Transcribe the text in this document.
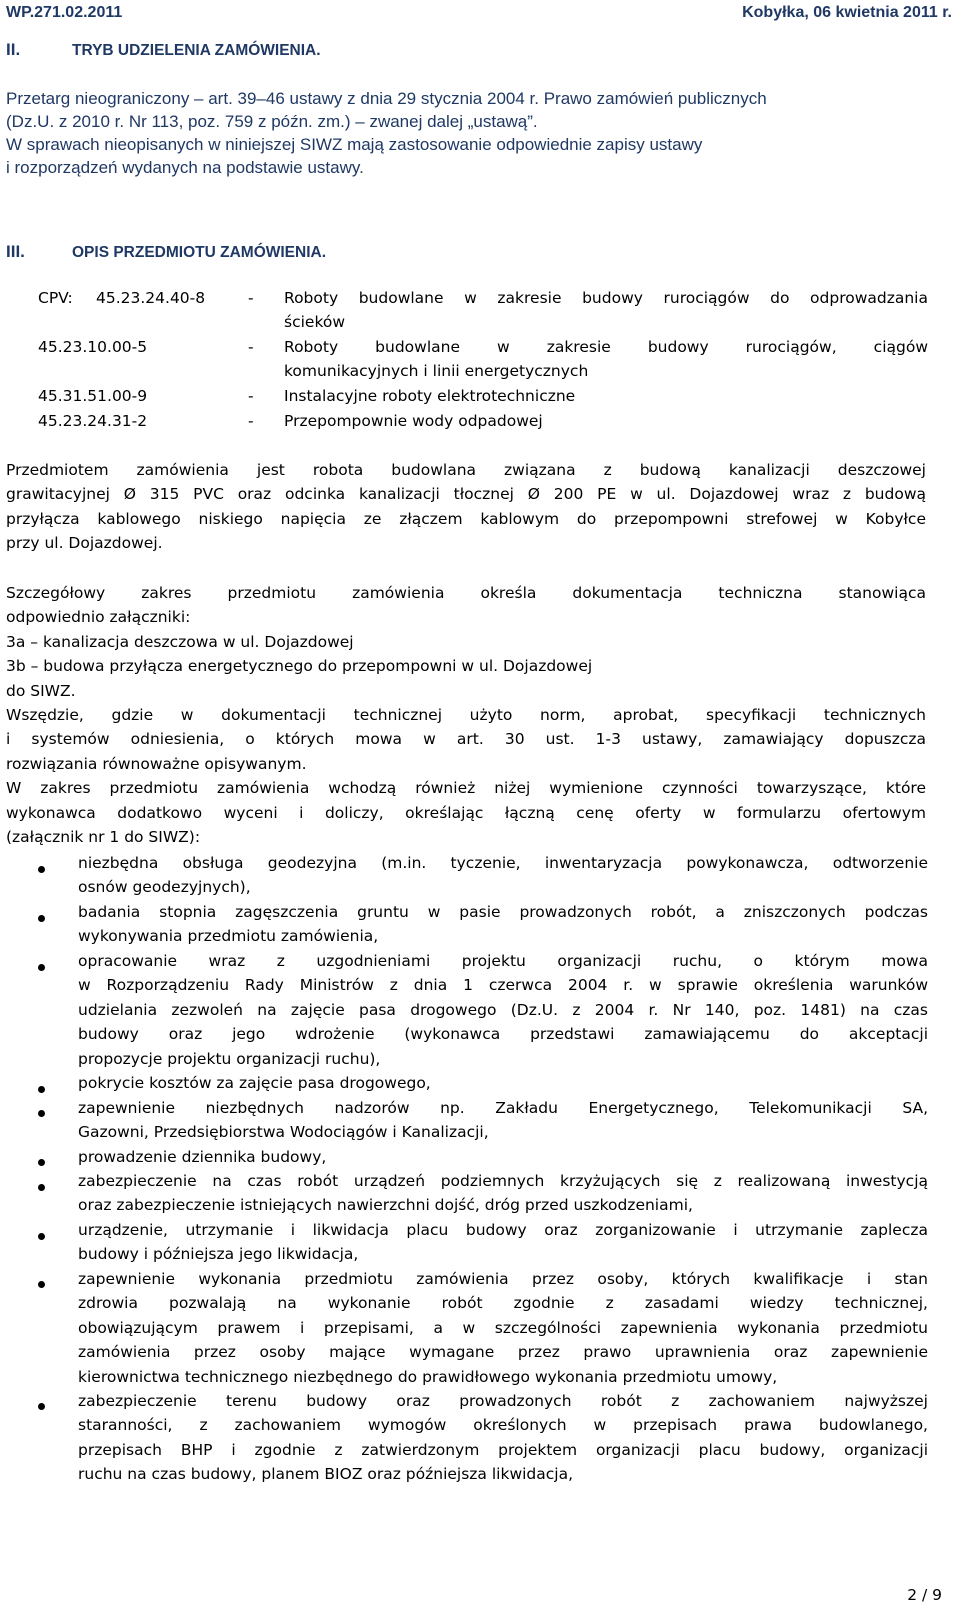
WP.271.02.2011	Kobyłka, 06 kwietnia 2011 r.
II.	TRYB UDZIELENIA ZAMÓWIENIA.
Przetarg nieograniczony – art. 39–46 ustawy z dnia 29 stycznia 2004 r. Prawo zamówień publicznych
(Dz.U. z 2010 r. Nr 113, poz. 759 z późn. zm.) – zwanej dalej „ustawą”.
W sprawach nieopisanych w niniejszej SIWZ mają zastosowanie odpowiednie zapisy ustawy
i rozporządzeń wydanych na podstawie ustawy.
III.	OPIS PRZEDMIOTU ZAMÓWIENIA.
CPV: 45.23.24.40-8	- Roboty budowlane w zakresie budowy rurociągów do odprowadzania
ścieków
45.23.10.00-5	- Roboty budowlane w zakresie budowy rurociągów, ciągów
komunikacyjnych i linii energetycznych
45.31.51.00-9	- Instalacyjne roboty elektrotechniczne
45.23.24.31-2	- Przepompownie wody odpadowej
Przedmiotem zamówienia jest robota budowlana związana z budową kanalizacji deszczowej
grawitacyjnej Ø 315 PVC oraz odcinka kanalizacji tłocznej Ø 200 PE w ul. Dojazdowej wraz z budową
przyłącza kablowego niskiego napięcia ze złączem kablowym do przepompowni strefowej w Kobyłce
przy ul. Dojazdowej.
Szczegółowy zakres przedmiotu zamówienia określa dokumentacja techniczna stanowiąca
odpowiednio załączniki:
3a – kanalizacja deszczowa w ul. Dojazdowej
3b – budowa przyłącza energetycznego do przepompowni w ul. Dojazdowej
do SIWZ.
Wszędzie, gdzie w dokumentacji technicznej użyto norm, aprobat, specyfikacji technicznych
i systemów odniesienia, o których mowa w art. 30 ust. 1-3 ustawy, zamawiający dopuszcza
rozwiązania równoważne opisywanym.
W zakres przedmiotu zamówienia wchodzą również niżej wymienione czynności towarzyszące, które
wykonawca dodatkowo wyceni i doliczy, określając łączną cenę oferty w formularzu ofertowym
(załącznik nr 1 do SIWZ):
niezbędna obsługa geodezyjna (m.in. tyczenie, inwentaryzacja powykonawcza, odtworzenie
osnów geodezyjnych),
badania stopnia zagęszczenia gruntu w pasie prowadzonych robót, a zniszczonych podczas
wykonywania przedmiotu zamówienia,
opracowanie wraz z uzgodnieniami projektu organizacji ruchu, o którym mowa
w Rozporządzeniu Rady Ministrów z dnia 1 czerwca 2004 r. w sprawie określenia warunków
udzielania zezwoleń na zajęcie pasa drogowego (Dz.U. z 2004 r. Nr 140, poz. 1481) na czas
budowy oraz jego wdrożenie (wykonawca przedstawi zamawiającemu do akceptacji
propozycje projektu organizacji ruchu),
pokrycie kosztów za zajęcie pasa drogowego,
zapewnienie niezbędnych nadzorów np. Zakładu Energetycznego, Telekomunikacji SA,
Gazowni, Przedsiębiorstwa Wodociągów i Kanalizacji,
prowadzenie dziennika budowy,
zabezpieczenie na czas robót urządzeń podziemnych krzyżujących się z realizowaną inwestycją
oraz zabezpieczenie istniejących nawierzchni dojść, dróg przed uszkodzeniami,
urządzenie, utrzymanie i likwidacja placu budowy oraz zorganizowanie i utrzymanie zaplecza
budowy i późniejsza jego likwidacja,
zapewnienie wykonania przedmiotu zamówienia przez osoby, których kwalifikacje i stan
zdrowia pozwalają na wykonanie robót zgodnie z zasadami wiedzy technicznej,
obowiązującym prawem i przepisami, a w szczególności zapewnienia wykonania przedmiotu
zamówienia przez osoby mające wymagane przez prawo uprawnienia oraz zapewnienie
kierownictwa technicznego niezbędnego do prawidłowego wykonania przedmiotu umowy,
zabezpieczenie terenu budowy oraz prowadzonych robót z zachowaniem najwyższej
staranności, z zachowaniem wymogów określonych w przepisach prawa budowlanego,
przepisach BHP i zgodnie z zatwierdzonym projektem organizacji placu budowy, organizacji
ruchu na czas budowy, planem BIOZ oraz późniejsza likwidacja,
2 / 9
